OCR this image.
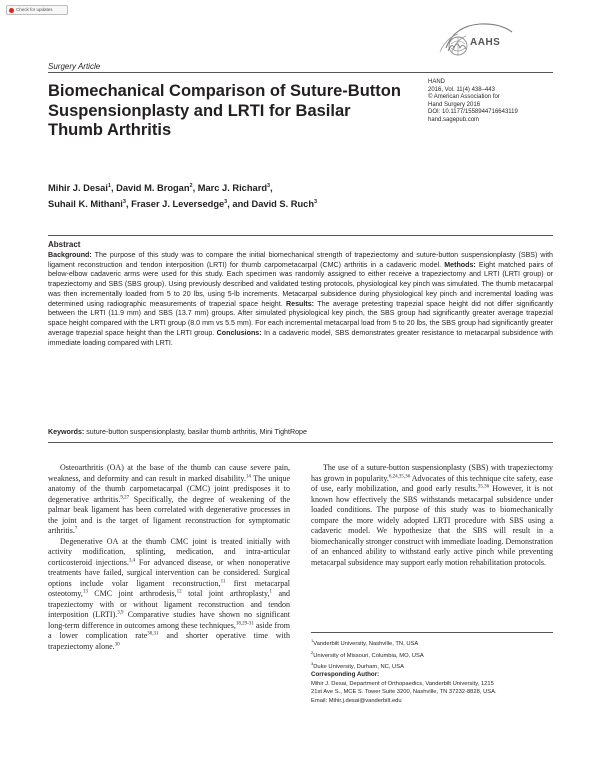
Check for updates
AAHS
Surgery Article
Biomechanical Comparison of Suture-Button Suspensionplasty and LRTI for Basilar Thumb Arthritis
HAND
2016, Vol. 11(4) 438–443
© American Association for
Hand Surgery 2016
DOI: 10.1177/1558944716643119
hand.sagepub.com
Mihir J. Desai$^1$, David M. Brogan$^2$, Marc J. Richard$^3$,
Suhail K. Mithani$^3$, Fraser J. Leversedge$^3$, and David S. Ruch$^3$
Abstract
Background: The purpose of this study was to compare the initial biomechanical strength of trapeziectomy and suture-button suspensionplasty (SBS) with ligament reconstruction and tendon interposition (LRTI) for thumb carpometacarpal (CMC) arthritis in a cadaveric model. Methods: Eight matched pairs of below-elbow cadaveric arms were used for this study. Each specimen was randomly assigned to either receive a trapeziectomy and LRTI (LRTI group) or trapeziectomy and SBS (SBS group). Using previously described and validated testing protocols, physiological key pinch was simulated. The thumb metacarpal was then incrementally loaded from 5 to 20 lbs, using 5-lb increments. Metacarpal subsidence during physiological key pinch and incremental loading was determined using radiographic measurements of trapezial space height. Results: The average pretesting trapezial space height did not differ significantly between the LRTI (11.9 mm) and SBS (13.7 mm) groups. After simulated physiological key pinch, the SBS group had significantly greater average trapezial space height compared with the LRTI group (8.0 mm vs 5.5 mm). For each incremental metacarpal load from 5 to 20 lbs, the SBS group had significantly greater average trapezial space height than the LRTI group. Conclusions: In a cadaveric model, SBS demonstrates greater resistance to metacarpal subsidence with immediate loading compared with LRTI.
Keywords: suture-button suspensionplasty, basilar thumb arthritis, Mini TightRope

Osteoarthritis (OA) at the base of the thumb can cause severe pain, weakness, and deformity and can result in marked disability.$^{14}$ The unique anatomy of the thumb carpometacarpal (CMC) joint predisposes it to degenerative arthritis.$^{9,27}$ Specifically, the degree of weakening of the palmar beak ligament has been correlated with degenerative processes in the joint and is the target of ligament reconstruction for symptomatic arthritis.$^7$

Degenerative OA at the thumb CMC joint is treated initially with activity modification, splinting, medication, and intra-articular corticosteroid injections.$^{3,4}$ For advanced disease, or when nonoperative treatments have failed, surgical intervention can be considered. Surgical options include volar ligament reconstruction,$^{11}$ first metacarpal osteotomy,$^{13}$ CMC joint arthrodesis,$^{12}$ total joint arthroplasty,$^1$ and trapeziectomy with or without ligament reconstruction and tendon interposition (LRTI).$^{3,9}$ Comparative studies have shown no significant long-term difference in outcomes among these techniques,$^{18,29-31}$ aside from a lower complication rate$^{30,31}$ and shorter operative time with trapeziectomy alone.$^{30}$

The use of a suture-button suspensionplasty (SBS) with trapeziectomy has grown in popularity.$^{6,24,35,36}$ Advocates of this technique cite safety, ease of use, early mobilization, and good early results.$^{35,36}$ However, it is not known how effectively the SBS withstands metacarpal subsidence under loaded conditions. The purpose of this study was to biomechanically compare the more widely adopted LRTI procedure with SBS using a cadaveric model. We hypothesize that the SBS will result in a biomechanically stronger construct with immediate loading. Demonstration of an enhanced ability to withstand early active pinch while preventing metacarpal subsidence may support early motion rehabilitation protocols.

$^1$Vanderbilt University, Nashville, TN, USA
$^2$University of Missouri, Columbia, MO, USA
$^3$Duke University, Durham, NC, USA
Corresponding Author:
Mihir J. Desai, Department of Orthopaedics, Vanderbilt University, 1215
21st Ave S., MCE S. Tower Suite 3200, Nashville, TN 37232-8828, USA.
Email: Mihir.j.desai@vanderbilt.edu
